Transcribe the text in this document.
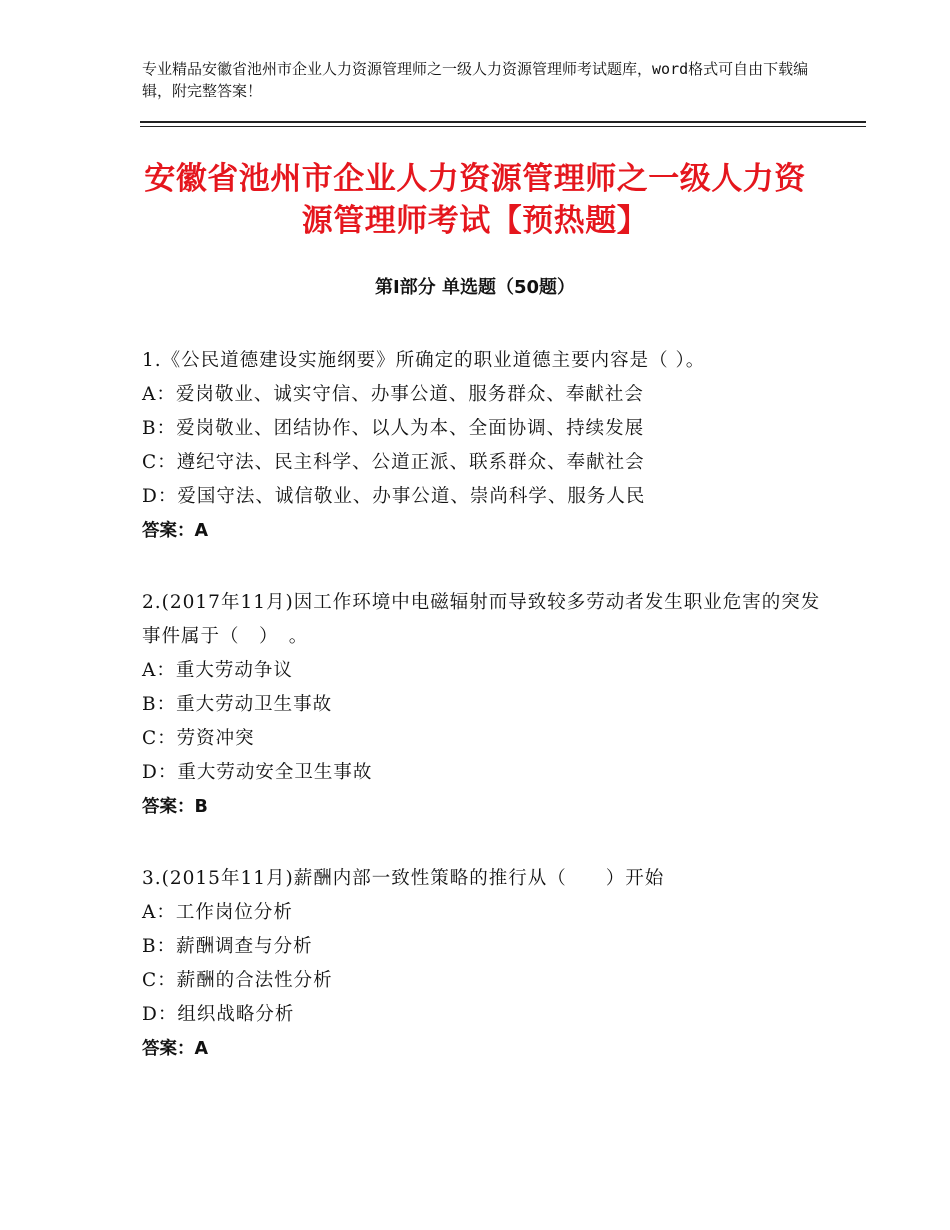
专业精品安徽省池州市企业人力资源管理师之一级人力资源管理师考试题库，word格式可自由下载编辑，附完整答案！
安徽省池州市企业人力资源管理师之一级人力资源管理师考试【预热题】
第Ⅰ部分 单选题（50题）
1.《公民道德建设实施纲要》所确定的职业道德主要内容是（ ）。
A：爱岗敬业、诚实守信、办事公道、服务群众、奉献社会
B：爱岗敬业、团结协作、以人为本、全面协调、持续发展
C：遵纪守法、民主科学、公道正派、联系群众、奉献社会
D：爱国守法、诚信敬业、办事公道、崇尚科学、服务人民
答案：A
2.(2017年11月)因工作环境中电磁辐射而导致较多劳动者发生职业危害的突发事件属于（　）　。
A：重大劳动争议
B：重大劳动卫生事故
C：劳资冲突
D：重大劳动安全卫生事故
答案：B
3.(2015年11月)薪酬内部一致性策略的推行从（　　）开始
A：工作岗位分析
B：薪酬调查与分析
C：薪酬的合法性分析
D：组织战略分析
答案：A
